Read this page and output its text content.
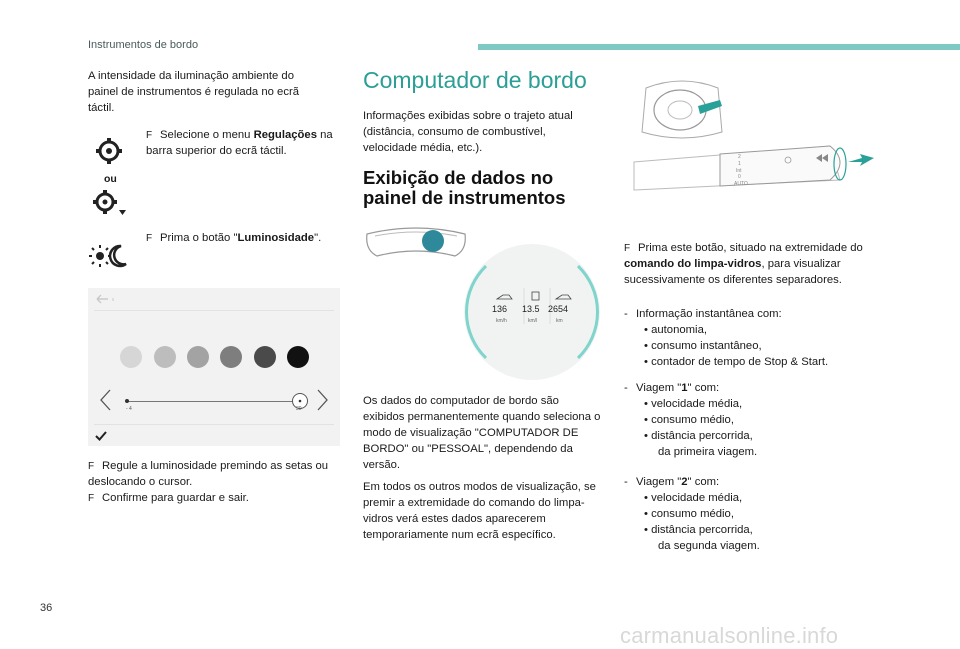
Instrumentos de bordo
A intensidade da iluminação ambiente do painel de instrumentos é regulada no ecrã táctil.
F Selecione o menu Regulações na barra superior do ecrã táctil.
ou
F Prima o botão "Luminosidade".
- 4	30
F Regule a luminosidade premindo as setas ou deslocando o cursor.
F Confirme para guardar e sair.
Computador de bordo
Informações exibidas sobre o trajeto atual (distância, consumo de combustível, velocidade média, etc.).
Exibição de dados no painel de instrumentos
136
km/h
13.5
km/l
2654
km
Os dados do computador de bordo são exibidos permanentemente quando seleciona o modo de visualização "COMPUTADOR DE BORDO" ou "PESSOAL", dependendo da versão.
Em todos os outros modos de visualização, se premir a extremidade do comando do limpa-vidros verá estes dados aparecerem temporariamente num ecrã específico.
2
1
Int
0
AUTO
F Prima este botão, situado na extremidade do comando do limpa-vidros, para visualizar sucessivamente os diferentes separadores.
- Informação instantânea com:
• autonomia,
• consumo instantâneo,
• contador de tempo de Stop & Start.
- Viagem "1" com:
• velocidade média,
• consumo médio,
• distância percorrida,
da primeira viagem.
- Viagem "2" com:
• velocidade média,
• consumo médio,
• distância percorrida,
da segunda viagem.
36
carmanualsonline.info
